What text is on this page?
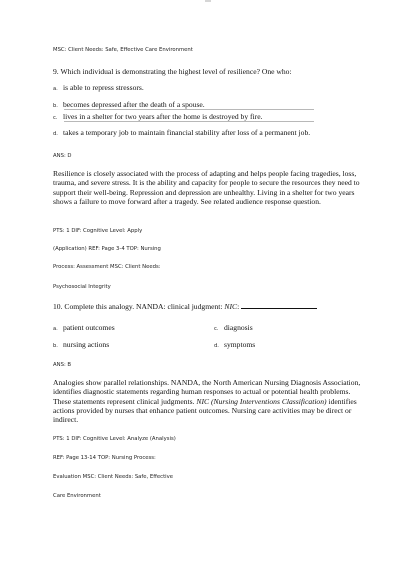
MSC: Client Needs: Safe, Effective Care Environment
9. Which individual is demonstrating the highest level of resilience? One who:
a. is able to repress stressors.
b. becomes depressed after the death of a spouse.
c. lives in a shelter for two years after the home is destroyed by fire.
d. takes a temporary job to maintain financial stability after loss of a permanent job.
ANS: D
Resilience is closely associated with the process of adapting and helps people facing tragedies, loss, trauma, and severe stress. It is the ability and capacity for people to secure the resources they need to support their well-being. Repression and depression are unhealthy. Living in a shelter for two years shows a failure to move forward after a tragedy. See related audience response question.
PTS: 1 DIF: Cognitive Level: Apply
(Application) REF: Page 3-4 TOP: Nursing
Process: Assessment MSC: Client Needs:
Psychosocial Integrity
10. Complete this analogy. NANDA: clinical judgment: NIC:
a. patient outcomes	c. diagnosis
b. nursing actions	d. symptoms
ANS: B
Analogies show parallel relationships. NANDA, the North American Nursing Diagnosis Association, identifies diagnostic statements regarding human responses to actual or potential health problems. These statements represent clinical judgments. NIC (Nursing Interventions Classification) identifies actions provided by nurses that enhance patient outcomes. Nursing care activities may be direct or indirect.
PTS: 1 DIF: Cognitive Level: Analyze (Analysis)
REF: Page 13-14 TOP: Nursing Process:
Evaluation MSC: Client Needs: Safe, Effective
Care Environment
